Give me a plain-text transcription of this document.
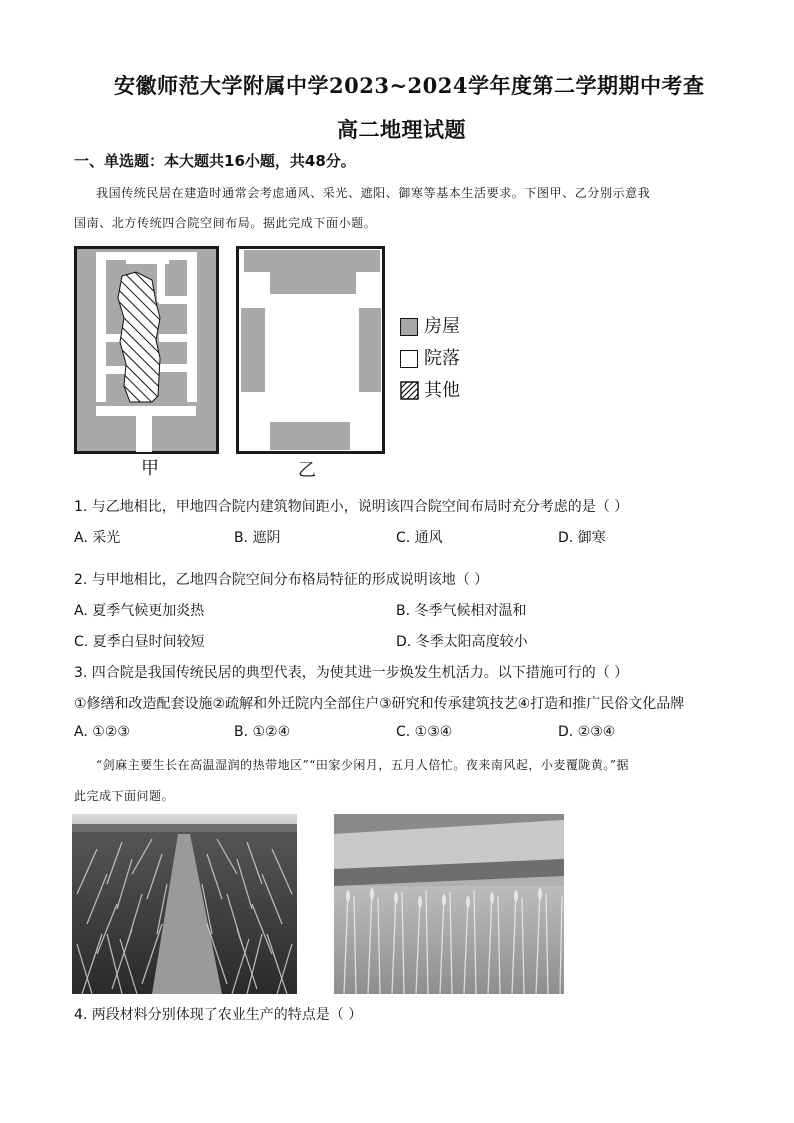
安徽师范大学附属中学2023~2024学年度第二学期期中考查
高二地理试题
一、单选题：本大题共16小题，共48分。
我国传统民居在建造时通常会考虑通风、采光、遮阳、御寒等基本生活要求。下图甲、乙分别示意我
国南、北方传统四合院空间布局。据此完成下面小题。
甲	乙
房屋
院落
其他
1. 与乙地相比，甲地四合院内建筑物间距小，说明该四合院空间布局时充分考虑的是（ ）
A. 采光	B. 遮阴	C. 通风	D. 御寒
2. 与甲地相比，乙地四合院空间分布格局特征的形成说明该地（ ）
A. 夏季气候更加炎热	B. 冬季气候相对温和
C. 夏季白昼时间较短	D. 冬季太阳高度较小
3. 四合院是我国传统民居的典型代表，为使其进一步焕发生机活力。以下措施可行的（ ）
①修缮和改造配套设施②疏解和外迁院内全部住户③研究和传承建筑技艺④打造和推广民俗文化品牌
A. ①②③	B. ①②④	C. ①③④	D. ②③④
“剑麻主要生长在高温湿润的热带地区”“田家少闲月，五月人倍忙。夜来南风起，小麦覆陇黄。”据
此完成下面问题。
4. 两段材料分别体现了农业生产的特点是（ ）
